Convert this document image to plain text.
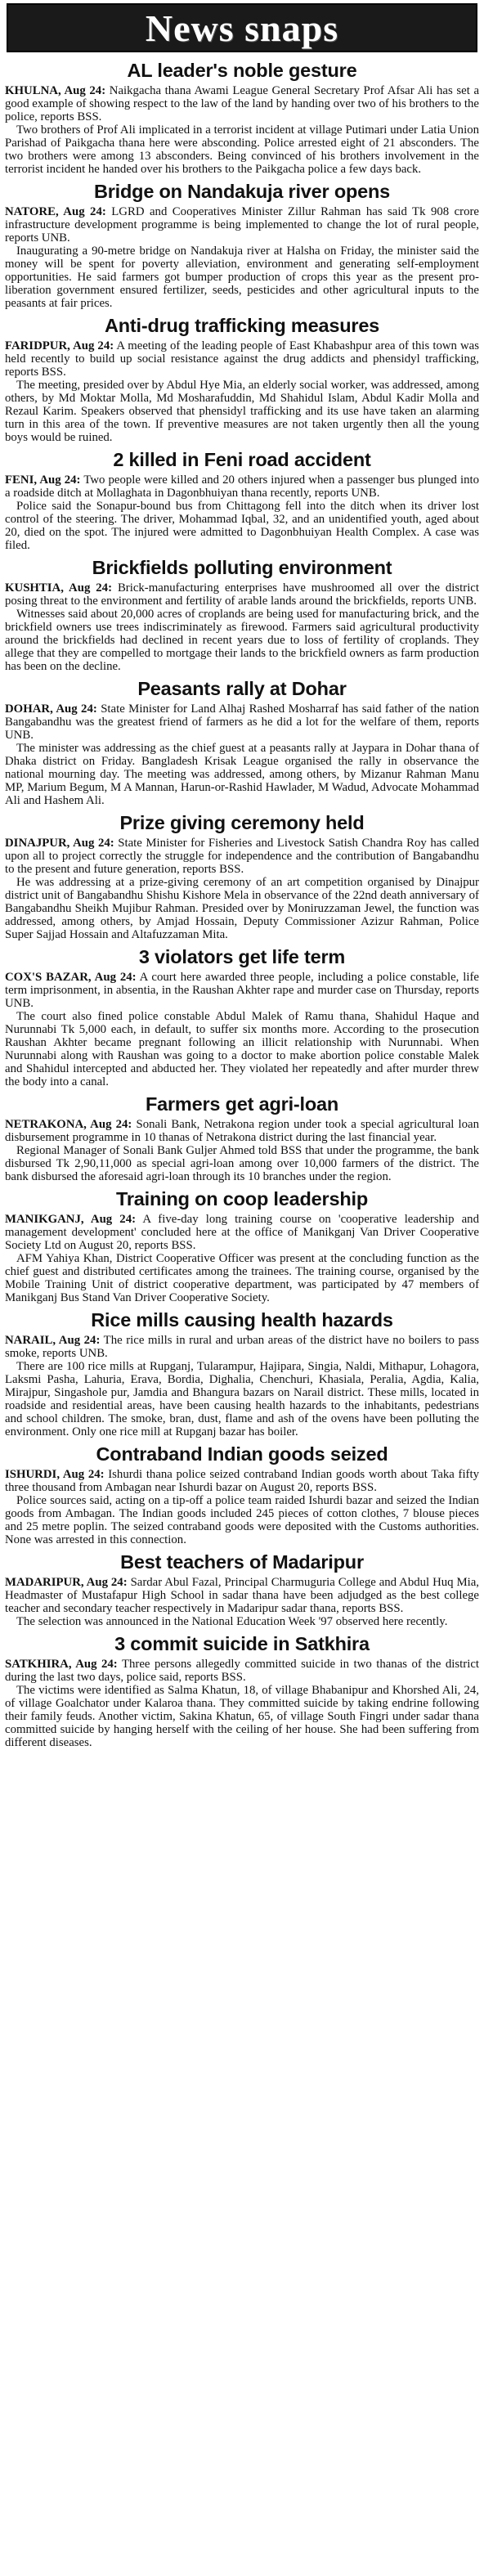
News snaps
AL leader's noble gesture

KHULNA, Aug 24: Naikgacha thana Awami League General Secretary Prof Afsar Ali has set a good example of showing respect to the law of the land by handing over two of his brothers to the police, reports BSS.

Two brothers of Prof Ali implicated in a terrorist incident at village Putimari under Latia Union Parishad of Paikgacha thana here were absconding. Police arrested eight of 21 absconders. The two brothers were among 13 absconders. Being convinced of his brothers involvement in the terrorist incident he handed over his brothers to the Paikgacha police a few days back.

Bridge on Nandakuja river opens

NATORE, Aug 24: LGRD and Cooperatives Minister Zillur Rahman has said Tk 908 crore infrastructure development programme is being implemented to change the lot of rural people, reports UNB.

Inaugurating a 90-metre bridge on Nandakuja river at Halsha on Friday, the minister said the money will be spent for poverty alleviation, environment and generating self-employment opportunities. He said farmers got bumper production of crops this year as the present pro-liberation government ensured fertilizer, seeds, pesticides and other agricultural inputs to the peasants at fair prices.

Anti-drug trafficking measures

FARIDPUR, Aug 24: A meeting of the leading people of East Khabashpur area of this town was held recently to build up social resistance against the drug addicts and phensidyl trafficking, reports BSS.

The meeting, presided over by Abdul Hye Mia, an elderly social worker, was addressed, among others, by Md Moktar Molla, Md Mosharafuddin, Md Shahidul Islam, Abdul Kadir Molla and Rezaul Karim. Speakers observed that phensidyl trafficking and its use have taken an alarming turn in this area of the town. If preventive measures are not taken urgently then all the young boys would be ruined.

2 killed in Feni road accident

FENI, Aug 24: Two people were killed and 20 others injured when a passenger bus plunged into a roadside ditch at Mollaghata in Dagonbhuiyan thana recently, reports UNB.

Police said the Sonapur-bound bus from Chittagong fell into the ditch when its driver lost control of the steering. The driver, Mohammad Iqbal, 32, and an unidentified youth, aged about 20, died on the spot. The injured were admitted to Dagonbhuiyan Health Complex. A case was filed.

Brickfields polluting environment

KUSHTIA, Aug 24: Brick-manufacturing enterprises have mushroomed all over the district posing threat to the environment and fertility of arable lands around the brickfields, reports UNB.

Witnesses said about 20,000 acres of croplands are being used for manufacturing brick, and the brickfield owners use trees indiscriminately as firewood. Farmers said agricultural productivity around the brickfields had declined in recent years due to loss of fertility of croplands. They allege that they are compelled to mortgage their lands to the brickfield owners as farm production has been on the decline.

Peasants rally at Dohar

DOHAR, Aug 24: State Minister for Land Alhaj Rashed Mosharraf has said father of the nation Bangabandhu was the greatest friend of farmers as he did a lot for the welfare of them, reports UNB.

The minister was addressing as the chief guest at a peasants rally at Jaypara in Dohar thana of Dhaka district on Friday. Bangladesh Krisak League organised the rally in observance the national mourning day. The meeting was addressed, among others, by Mizanur Rahman Manu MP, Marium Begum, M A Mannan, Harun-or-Rashid Hawlader, M Wadud, Advocate Mohammad Ali and Hashem Ali.

Prize giving ceremony held

DINAJPUR, Aug 24: State Minister for Fisheries and Livestock Satish Chandra Roy has called upon all to project correctly the struggle for independence and the contribution of Bangabandhu to the present and future generation, reports BSS.

He was addressing at a prize-giving ceremony of an art competition organised by Dinajpur district unit of Bangabandhu Shishu Kishore Mela in observance of the 22nd death anniversary of Bangabandhu Sheikh Mujibur Rahman. Presided over by Moniruzzaman Jewel, the function was addressed, among others, by Amjad Hossain, Deputy Commissioner Azizur Rahman, Police Super Sajjad Hossain and Altafuzzaman Mita.

3 violators get life term

COX'S BAZAR, Aug 24: A court here awarded three people, including a police constable, life term imprisonment, in absentia, in the Raushan Akhter rape and murder case on Thursday, reports UNB.

The court also fined police constable Abdul Malek of Ramu thana, Shahidul Haque and Nurunnabi Tk 5,000 each, in default, to suffer six months more. According to the prosecution Raushan Akhter became pregnant following an illicit relationship with Nurunnabi. When Nurunnabi along with Raushan was going to a doctor to make abortion police constable Malek and Shahidul intercepted and abducted her. They violated her repeatedly and after murder threw the body into a canal.

Farmers get agri-loan

NETRAKONA, Aug 24: Sonali Bank, Netrakona region under took a special agricultural loan disbursement programme in 10 thanas of Netrakona district during the last financial year.

Regional Manager of Sonali Bank Guljer Ahmed told BSS that under the programme, the bank disbursed Tk 2,90,11,000 as special agri-loan among over 10,000 farmers of the district. The bank disbursed the aforesaid agri-loan through its 10 branches under the region.

Training on coop leadership

MANIKGANJ, Aug 24: A five-day long training course on 'cooperative leadership and management development' concluded here at the office of Manikganj Van Driver Cooperative Society Ltd on August 20, reports BSS.

AFM Yahiya Khan, District Cooperative Officer was present at the concluding function as the chief guest and distributed certificates among the trainees. The training course, organised by the Mobile Training Unit of district cooperative department, was participated by 47 members of Manikganj Bus Stand Van Driver Cooperative Society.

Rice mills causing health hazards

NARAIL, Aug 24: The rice mills in rural and urban areas of the district have no boilers to pass smoke, reports UNB.

There are 100 rice mills at Rupganj, Tularampur, Hajipara, Singia, Naldi, Mithapur, Lohagora, Laksmi Pasha, Lahuria, Erava, Bordia, Dighalia, Chenchuri, Khasiala, Peralia, Agdia, Kalia, Mirajpur, Singashole pur, Jamdia and Bhangura bazars on Narail district. These mills, located in roadside and residential areas, have been causing health hazards to the inhabitants, pedestrians and school children. The smoke, bran, dust, flame and ash of the ovens have been polluting the environment. Only one rice mill at Rupganj bazar has boiler.

Contraband Indian goods seized

ISHURDI, Aug 24: Ishurdi thana police seized contraband Indian goods worth about Taka fifty three thousand from Ambagan near Ishurdi bazar on August 20, reports BSS.

Police sources said, acting on a tip-off a police team raided Ishurdi bazar and seized the Indian goods from Ambagan. The Indian goods included 245 pieces of cotton clothes, 7 blouse pieces and 25 metre poplin. The seized contraband goods were deposited with the Customs authorities. None was arrested in this connection.

Best teachers of Madaripur

MADARIPUR, Aug 24: Sardar Abul Fazal, Principal Charmuguria College and Abdul Huq Mia, Headmaster of Mustafapur High School in sadar thana have been adjudged as the best college teacher and secondary teacher respectively in Madaripur sadar thana, reports BSS.

The selection was announced in the National Education Week '97 observed here recently.

3 commit suicide in Satkhira

SATKHIRA, Aug 24: Three persons allegedly committed suicide in two thanas of the district during the last two days, police said, reports BSS.

The victims were identified as Salma Khatun, 18, of village Bhabanipur and Khorshed Ali, 24, of village Goalchator under Kalaroa thana. They committed suicide by taking endrine following their family feuds. Another victim, Sakina Khatun, 65, of village South Fingri under sadar thana committed suicide by hanging herself with the ceiling of her house. She had been suffering from different diseases.
